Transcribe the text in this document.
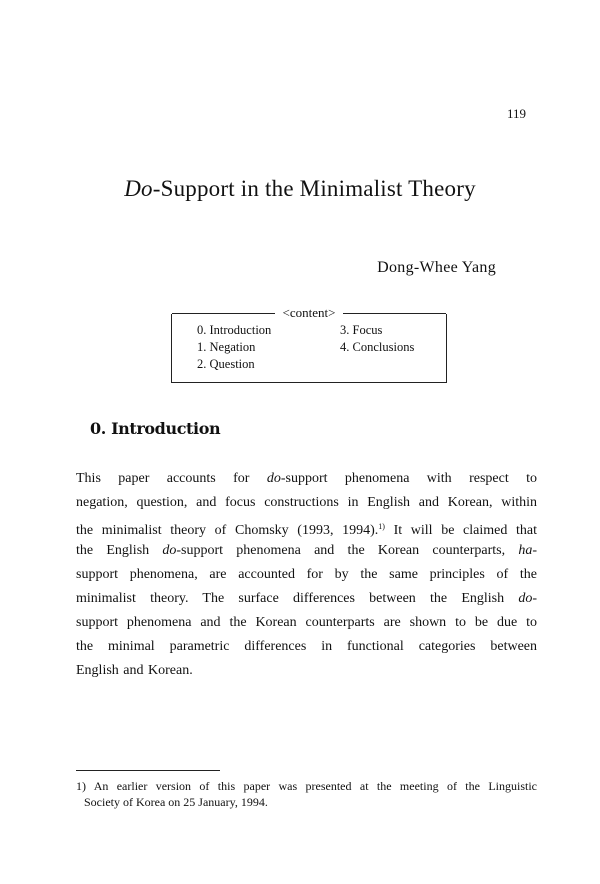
119
Do-Support in the Minimalist Theory
Dong-Whee Yang
<content>
0. Introduction
1. Negation
2. Question
3. Focus
4. Conclusions
0. Introduction
This paper accounts for do-support phenomena with respect to
negation, question, and focus constructions in English and Korean, within
the minimalist theory of Chomsky (1993, 1994).$^{1)}$ It will be claimed that
the English do-support phenomena and the Korean counterparts, ha-
support phenomena, are accounted for by the same principles of the
minimalist theory. The surface differences between the English do-
support phenomena and the Korean counterparts are shown to be due to
the minimal parametric differences in functional categories between
English and Korean.
1) An earlier version of this paper was presented at the meeting of the Linguistic
Society of Korea on 25 January, 1994.
